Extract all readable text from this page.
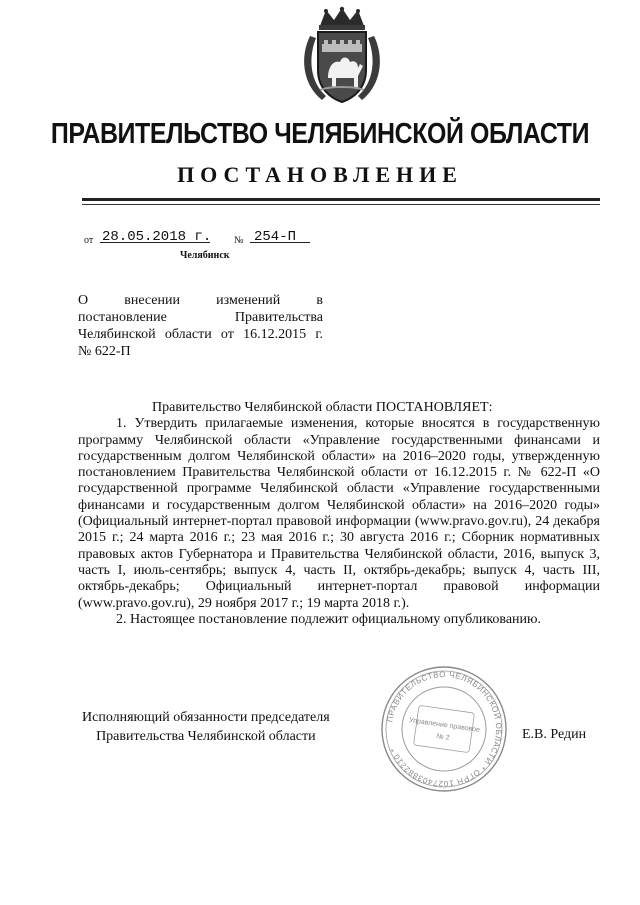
ПРАВИТЕЛЬСТВО ЧЕЛЯБИНСКОЙ ОБЛАСТИ
ПОСТАНОВЛЕНИЕ
от 28.05.2018 г. № 254-П
Челябинск
О внесении изменений в
постановление Правительства
Челябинской области от 16.12.2015 г.
№ 622-П

Правительство Челябинской области ПОСТАНОВЛЯЕТ:

1. Утвердить прилагаемые изменения, которые вносятся в государственную программу Челябинской области «Управление государственными финансами и государственным долгом Челябинской области» на 2016–2020 годы, утвержденную постановлением Правительства Челябинской области от 16.12.2015 г. № 622-П «О государственной программе Челябинской области «Управление государственными финансами и государственным долгом Челябинской области» на 2016–2020 годы» (Официальный интернет-портал правовой информации (www.pravo.gov.ru), 24 декабря 2015 г.; 24 марта 2016 г.; 23 мая 2016 г.; 30 августа 2016 г.; Сборник нормативных правовых актов Губернатора и Правительства Челябинской области, 2016, выпуск 3, часть I, июль-сентябрь; выпуск 4, часть II, октябрь-декабрь; выпуск 4, часть III, октябрь-декабрь; Официальный интернет-портал правовой информации (www.pravo.gov.ru), 29 ноября 2017 г.; 19 марта 2018 г.).

2. Настоящее постановление подлежит официальному опубликованию.

Исполняющий обязанности председателя
Правительства Челябинской области	Е.В. Редин
ПРАВИТЕЛЬСТВО ЧЕЛЯБИНСКОЙ ОБЛАСТИ * ОГРН 1027403882210 *
Управление правовое
№ 2
